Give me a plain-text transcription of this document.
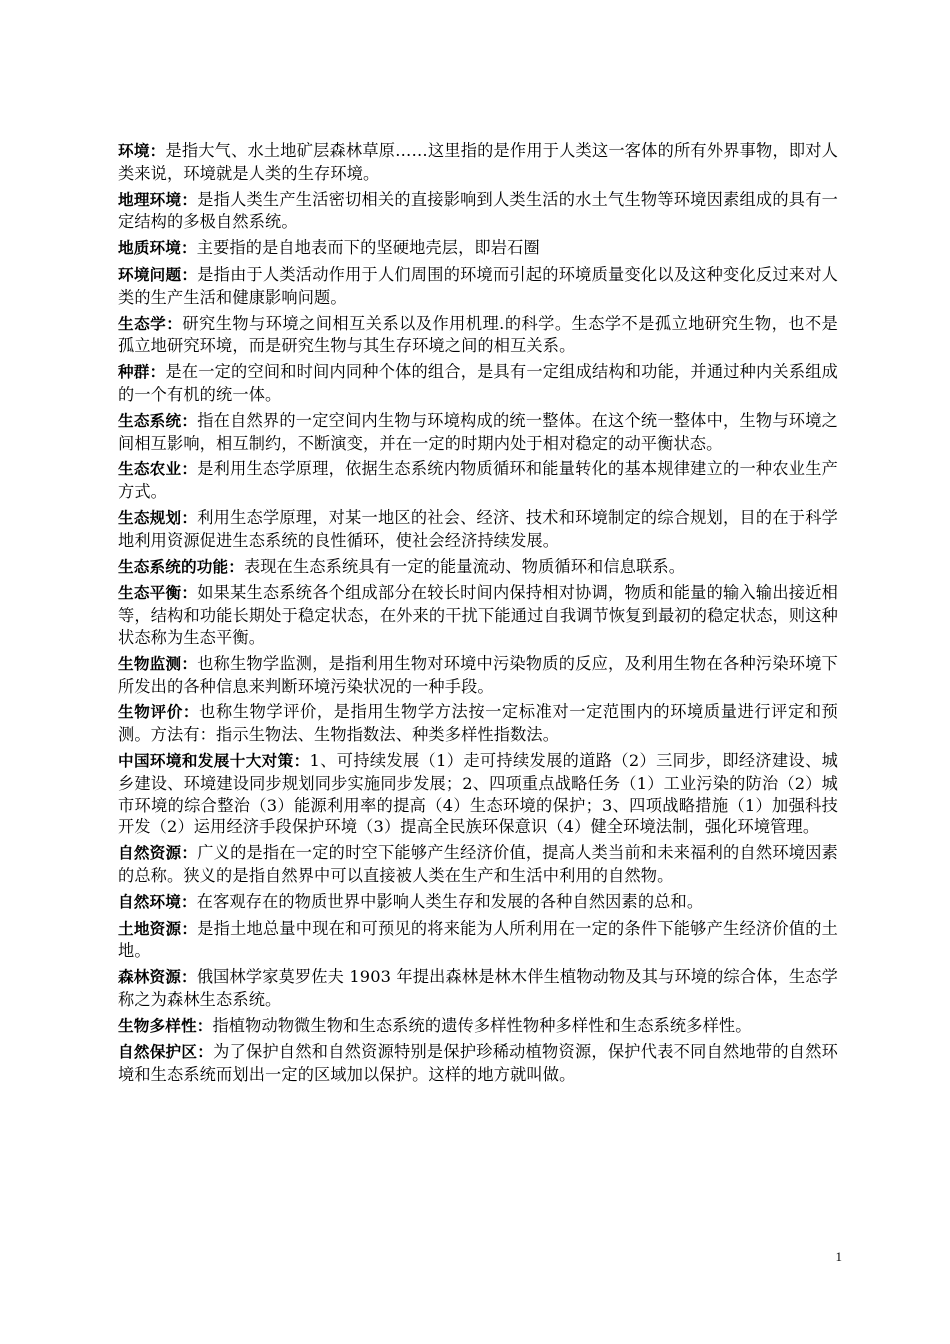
环境：是指大气、水土地矿层森林草原……这里指的是作用于人类这一客体的所有外界事物，即对人类来说，环境就是人类的生存环境。

地理环境：是指人类生产生活密切相关的直接影响到人类生活的水土气生物等环境因素组成的具有一定结构的多极自然系统。

地质环境：主要指的是自地表而下的坚硬地壳层，即岩石圈

环境问题：是指由于人类活动作用于人们周围的环境而引起的环境质量变化以及这种变化反过来对人类的生产生活和健康影响问题。

生态学：研究生物与环境之间相互关系以及作用机理.的科学。生态学不是孤立地研究生物，也不是孤立地研究环境，而是研究生物与其生存环境之间的相互关系。

种群：是在一定的空间和时间内同种个体的组合，是具有一定组成结构和功能，并通过种内关系组成的一个有机的统一体。

生态系统：指在自然界的一定空间内生物与环境构成的统一整体。在这个统一整体中，生物与环境之间相互影响，相互制约，不断演变，并在一定的时期内处于相对稳定的动平衡状态。

生态农业：是利用生态学原理，依据生态系统内物质循环和能量转化的基本规律建立的一种农业生产方式。

生态规划：利用生态学原理，对某一地区的社会、经济、技术和环境制定的综合规划，目的在于科学地利用资源促进生态系统的良性循环，使社会经济持续发展。

生态系统的功能：表现在生态系统具有一定的能量流动、物质循环和信息联系。

生态平衡：如果某生态系统各个组成部分在较长时间内保持相对协调，物质和能量的输入输出接近相等，结构和功能长期处于稳定状态，在外来的干扰下能通过自我调节恢复到最初的稳定状态，则这种状态称为生态平衡。

生物监测：也称生物学监测，是指利用生物对环境中污染物质的反应，及利用生物在各种污染环境下所发出的各种信息来判断环境污染状况的一种手段。

生物评价：也称生物学评价，是指用生物学方法按一定标准对一定范围内的环境质量进行评定和预测。方法有：指示生物法、生物指数法、种类多样性指数法。

中国环境和发展十大对策：1、可持续发展（1）走可持续发展的道路（2）三同步，即经济建设、城乡建设、环境建设同步规划同步实施同步发展；2、四项重点战略任务（1）工业污染的防治（2）城市环境的综合整治（3）能源利用率的提高（4）生态环境的保护；3、四项战略措施（1）加强科技开发（2）运用经济手段保护环境（3）提高全民族环保意识（4）健全环境法制，强化环境管理。

自然资源：广义的是指在一定的时空下能够产生经济价值，提高人类当前和未来福利的自然环境因素的总称。狭义的是指自然界中可以直接被人类在生产和生活中利用的自然物。

自然环境：在客观存在的物质世界中影响人类生存和发展的各种自然因素的总和。

土地资源：是指土地总量中现在和可预见的将来能为人所利用在一定的条件下能够产生经济价值的土地。

森林资源：俄国林学家莫罗佐夫 1903 年提出森林是林木伴生植物动物及其与环境的综合体，生态学称之为森林生态系统。

生物多样性：指植物动物微生物和生态系统的遗传多样性物种多样性和生态系统多样性。

自然保护区：为了保护自然和自然资源特别是保护珍稀动植物资源，保护代表不同自然地带的自然环境和生态系统而划出一定的区域加以保护。这样的地方就叫做。

1
